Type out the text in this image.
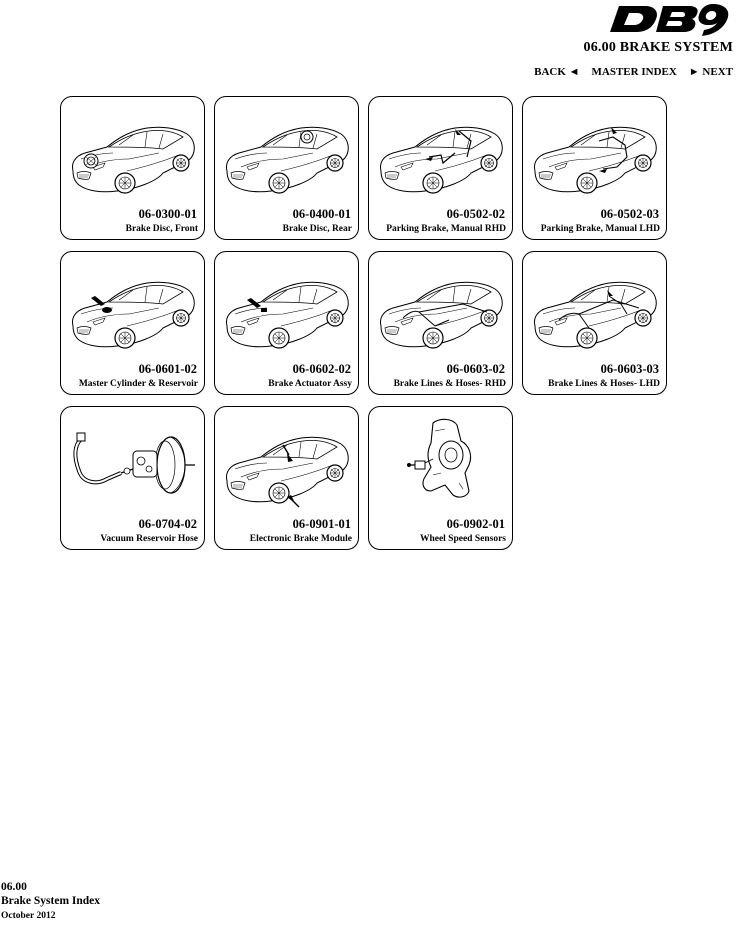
06.00 BRAKE SYSTEM
BACK ◄ MASTER INDEX ► NEXT
06-0300-01
Brake Disc, Front
06-0400-01
Brake Disc, Rear
06-0502-02
Parking Brake, Manual RHD
06-0502-03
Parking Brake, Manual LHD
06-0601-02
Master Cylinder & Reservoir
06-0602-02
Brake Actuator Assy
06-0603-02
Brake Lines & Hoses- RHD
06-0603-03
Brake Lines & Hoses- LHD
06-0704-02
Vacuum Reservoir Hose
06-0901-01
Electronic Brake Module
06-0902-01
Wheel Speed Sensors
06.00
Brake System Index
October 2012
